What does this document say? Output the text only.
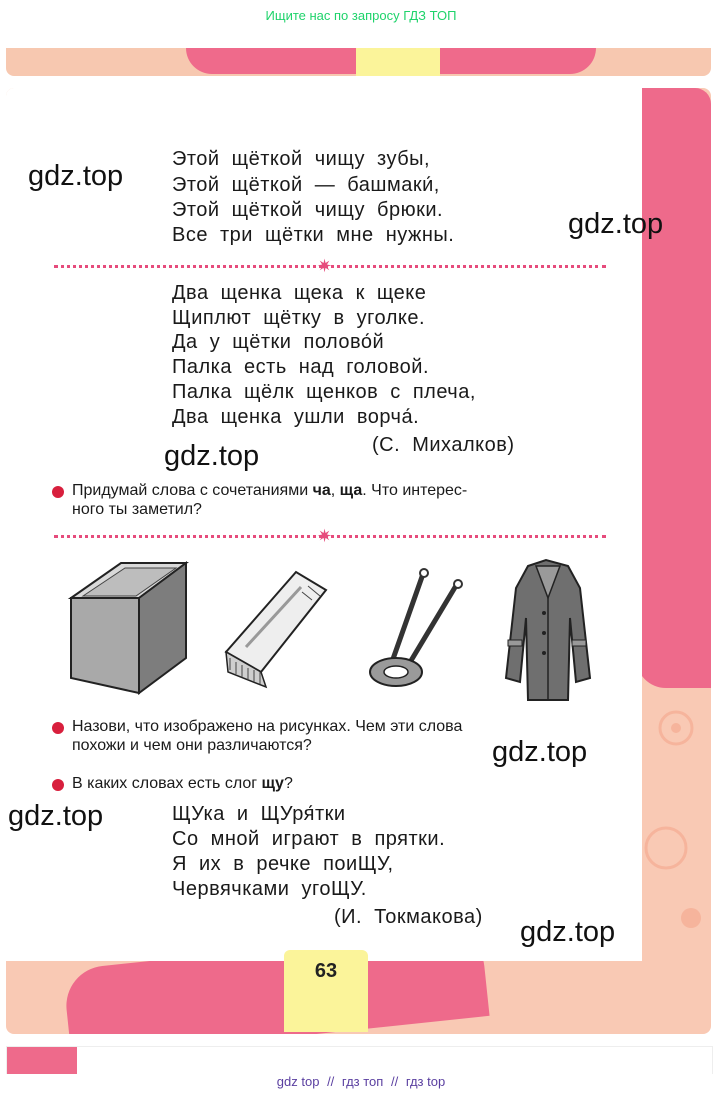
Ищите нас по запросу ГДЗ ТОП
Этой щёткой чищу зубы,
Этой щёткой — башмаки́,
Этой щёткой чищу брюки.
Все три щётки мне нужны.
✷
Два щенка щека к щеке
Щиплют щётку в уголке.
Да у щётки полово́й
Палка есть над головой.
Палка щёлк щенков с плеча,
Два щенка ушли ворча́.
(С. Михалков)
Придумай слова с сочетаниями ча, ща. Что интерес-
ного ты заметил?
✷
Назови, что изображено на рисунках. Чем эти слова
похожи и чем они различаются?
В каких словах есть слог щу?
ЩУка и ЩУря́тки
Со мной играют в прятки.
Я их в речке поиЩУ,
Червячками угоЩУ.
(И. Токмакова)
gdz.top
gdz.top
gdz.top
gdz.top
gdz.top
gdz.top
63
gdz top // гдз топ // гдз top
